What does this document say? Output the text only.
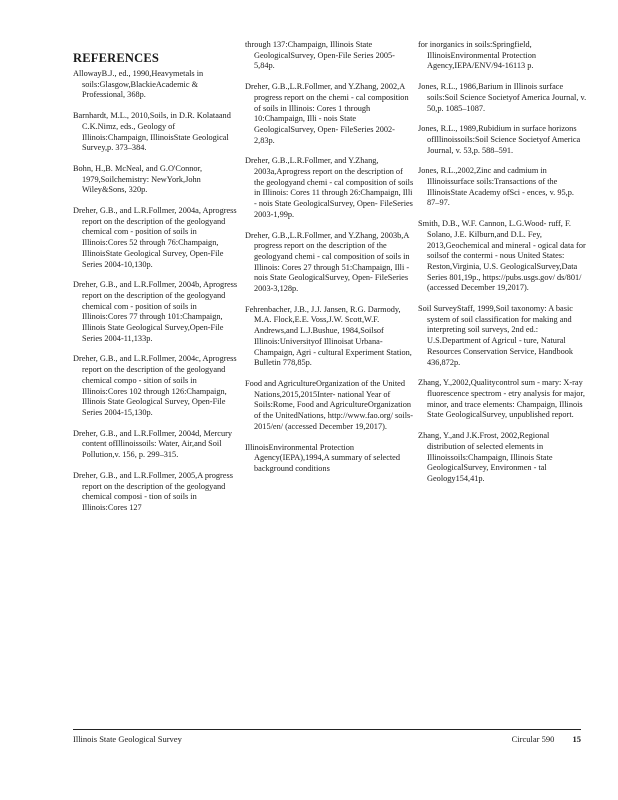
REFERENCES

AllowayB.J., ed., 1990,Heavymetals in soils:Glasgow,BlackieAcademic & Professional, 368p.

Barnhardt, M.L., 2010,Soils, in D.R. Kolataand C.K.Nimz, eds., Geology of Illinois:Champaign, IllinoisState Geological Survey,p. 373–384.

Bohn, H.,B. McNeal, and G.O'Connor, 1979,Soilchemistry: NewYork,John Wiley&Sons, 320p.

Dreher, G.B., and L.R.Follmer, 2004a, Aprogress report on the description of the geologyand chemical com - position of soils in Illinois:Cores 52 through 76:Champaign, IllinoisState Geological Survey, Open-File Series 2004-10,130p.

Dreher, G.B., and L.R.Follmer, 2004b, Aprogress report on the description of the geologyand chemical com - position of soils in Illinois:Cores 77 through 101:Champaign, Illinois State Geological Survey,Open-File Series 2004-11,133p.

Dreher, G.B., and L.R.Follmer, 2004c, Aprogress report on the description of the geologyand chemical compo - sition of soils in Illinois:Cores 102 through 126:Champaign, Illinois State Geological Survey, Open-File Series 2004-15,130p.

Dreher, G.B., and L.R.Follmer, 2004d, Mercury content ofIllinoissoils: Water, Air,and Soil Pollution,v. 156, p. 299–315.

Dreher, G.B., and L.R.Follmer, 2005,A progress report on the description of the geologyand chemical composi - tion of soils in Illinois:Cores 127

through 137:Champaign, Illinois State GeologicalSurvey, Open-File Series 2005-5,84p.

Dreher, G.B.,L.R.Follmer, and Y.Zhang, 2002,A progress report on the chemi - cal composition of soils in Illinois: Cores 1 through 10:Champaign, Illi - nois State GeologicalSurvey, Open- FileSeries 2002-2,83p.

Dreher, G.B.,L.R.Follmer, and Y.Zhang, 2003a,Aprogress report on the description of the geologyand chemi - cal composition of soils in Illinois: Cores 11 through 26:Champaign, Illi - nois State GeologicalSurvey, Open- FileSeries 2003-1,99p.

Dreher, G.B.,L.R.Follmer, and Y.Zhang, 2003b,A progress report on the description of the geologyand chemi - cal composition of soils in Illinois: Cores 27 through 51:Champaign, Illi - nois State GeologicalSurvey, Open- FileSeries 2003-3,128p.

Fehrenbacher, J.B., J.J. Jansen, R.G. Darmody, M.A. Flock,E.E. Voss,J.W. Scott,W.F. Andrews,and L.J.Bushue, 1984,Soilsof Illinois:Universityof Illinoisat Urbana-Champaign, Agri - cultural Experiment Station, Bulletin 778,85p.

Food and AgricultureOrganization of the United Nations,2015,2015Inter- national Year of Soils:Rome, Food and AgricultureOrganization of the UnitedNations, http://www.fao.org/ soils-2015/en/ (accessed December 19,2017).

IllinoisEnvironmental Protection Agency(IEPA),1994,A summary of selected background conditions

for inorganics in soils:Springfield, IllinoisEnvironmental Protection Agency,IEPA/ENV/94-16113 p.

Jones, R.L., 1986,Barium in Illinois surface soils:Soil Science Societyof America Journal, v. 50,p. 1085–1087.

Jones, R.L., 1989,Rubidium in surface horizons ofIllinoissoils:Soil Science Societyof America Journal, v. 53,p. 588–591.

Jones, R.L.,2002,Zinc and cadmium in Illinoissurface soils:Transactions of the IllinoisState Academy ofSci - ences, v. 95,p. 87–97.

Smith, D.B., W.F. Cannon, L.G.Wood- ruff, F. Solano, J.E. Kilburn,and D.L. Fey, 2013,Geochemical and mineral - ogical data for soilsof the contermi - nous United States: Reston,Virginia, U.S. GeologicalSurvey,Data Series 801,19p., https://pubs.usgs.gov/ ds/801/ (accessed December 19,2017).

Soil SurveyStaff, 1999,Soil taxonomy: A basic system of soil classification for making and interpreting soil surveys, 2nd ed.: U.S.Department of Agricul - ture, Natural Resources Conservation Service, Handbook 436,872p.

Zhang, Y.,2002,Qualitycontrol sum - mary: X-ray fluorescence spectrom - etry analysis for major, minor, and trace elements: Champaign, Illinois State GeologicalSurvey, unpublished report.

Zhang, Y.,and J.K.Frost, 2002,Regional distribution of selected elements in Illinoissoils:Champaign, Illinois State GeologicalSurvey, Environmen - tal Geology154,41p.

Illinois State Geological Survey	Circular 590 15
